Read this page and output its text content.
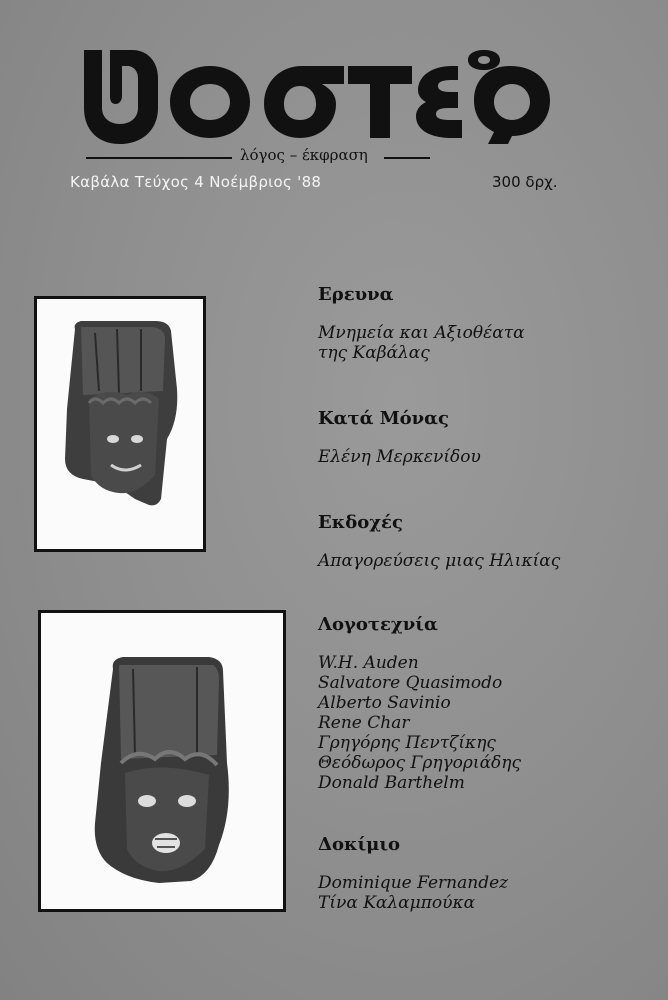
λόγος – έκφραση
Καβάλα Τεύχος 4 Νοέμβριος '88	300 δρχ.

Ερευνα

Μνημεία και Αξιοθέατα

της Καβάλας

Κατά Μόνας

Ελένη Μερκενίδου

Εκδοχές

Απαγορεύσεις μιας Ηλικίας

Λογοτεχνία

W.H. Auden

Salvatore Quasimodo

Alberto Savinio

Rene Char

Γρηγόρης Πεντζίκης

Θεόδωρος Γρηγοριάδης

Donald Barthelm

Δοκίμιο

Dominique Fernandez

Τίνα Καλαμπούκα
